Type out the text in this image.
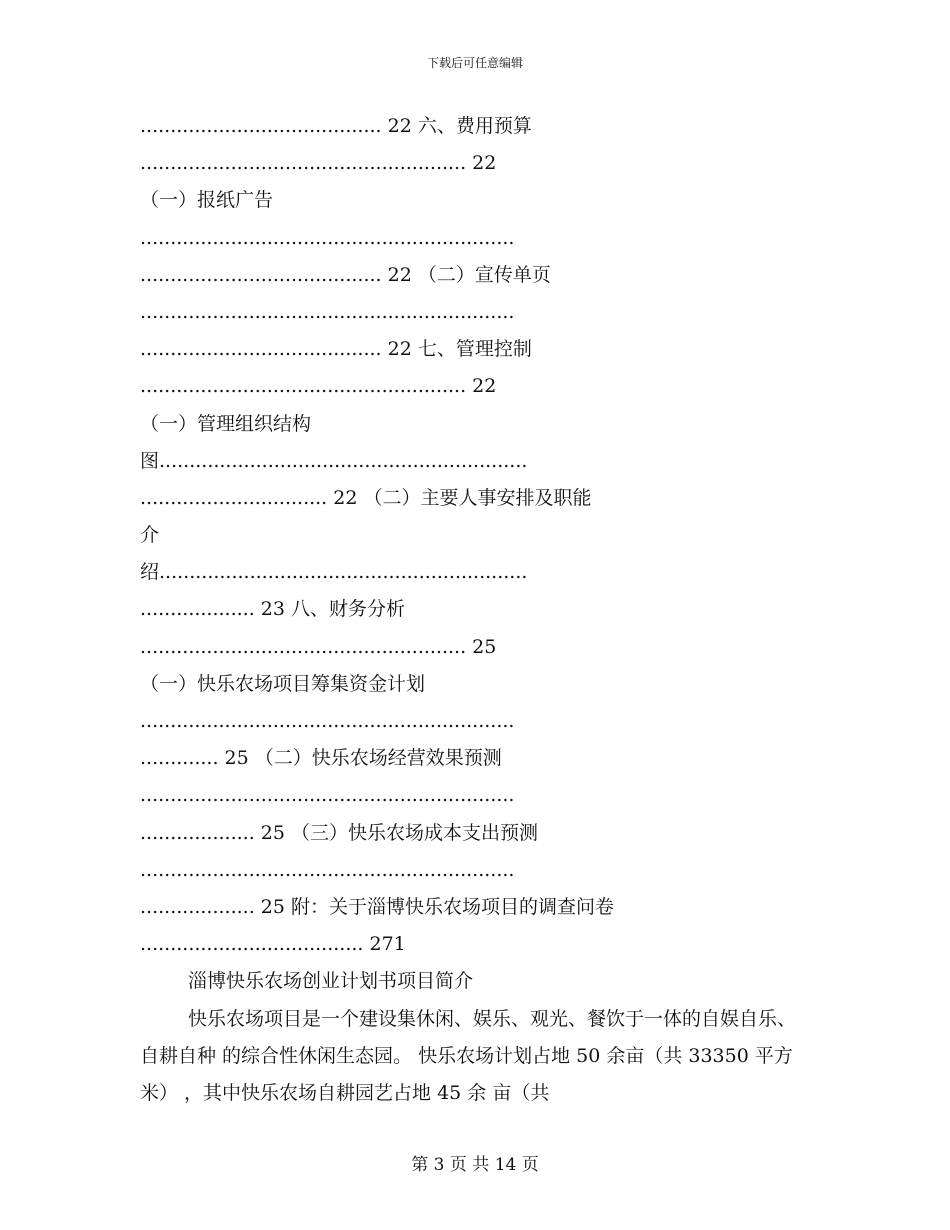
下载后可任意编辑
........................................ 22 六、费用预算
...................................................... 22
（一）报纸广告
..............................................................
........................................ 22 （二）宣传单页
..............................................................
........................................ 22 七、管理控制
...................................................... 22
（一）管理组织结构
图.............................................................
............................... 22 （二）主要人事安排及职能
介
绍.............................................................
................... 23 八、财务分析
...................................................... 25
（一）快乐农场项目筹集资金计划
..............................................................
............. 25 （二）快乐农场经营效果预测
..............................................................
................... 25 （三）快乐农场成本支出预测
..............................................................
................... 25 附：关于淄博快乐农场项目的调查问卷
..................................... 271
淄博快乐农场创业计划书项目简介
快乐农场项目是一个建设集休闲、娱乐、观光、餐饮于一体的自娱自乐、自耕自种 的综合性休闲生态园。 快乐农场计划占地 50 余亩（共 33350 平方米） ，其中快乐农场自耕园艺占地 45 余 亩（共
第 3 页 共 14 页
